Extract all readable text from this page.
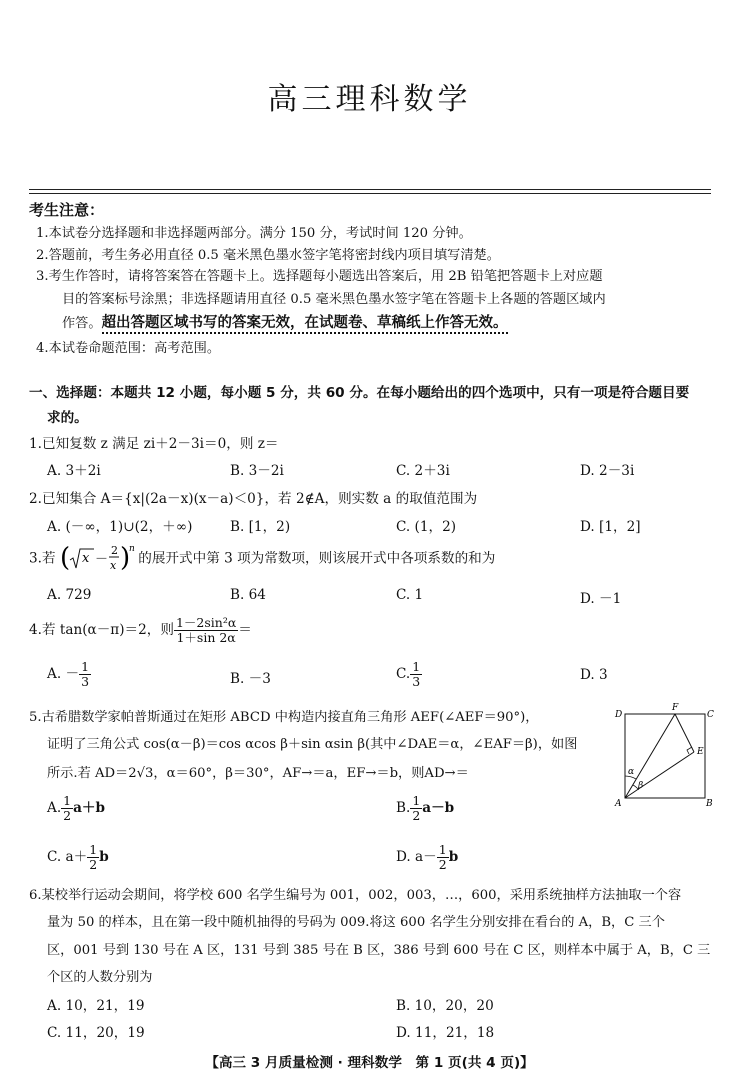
高三理科数学
考生注意：
1.本试卷分选择题和非选择题两部分。满分 150 分，考试时间 120 分钟。
2.答题前，考生务必用直径 0.5 毫米黑色墨水签字笔将密封线内项目填写清楚。
3.考生作答时，请将答案答在答题卡上。选择题每小题选出答案后，用 2B 铅笔把答题卡上对应题
目的答案标号涂黑；非选择题请用直径 0.5 毫米黑色墨水签字笔在答题卡上各题的答题区域内
作答。超出答题区域书写的答案无效，在试题卷、草稿纸上作答无效。
4.本试卷命题范围：高考范围。
一、选择题：本题共 12 小题，每小题 5 分，共 60 分。在每小题给出的四个选项中，只有一项是符合题目要
求的。
1.已知复数 z 满足 zi＋2－3i＝0，则 z＝
A. 3＋2i	B. 3－2i	C. 2＋3i	D. 2－3i
2.已知集合 A＝{x|(2a－x)(x－a)＜0}，若 2∉A，则实数 a 的取值范围为
A. (－∞，1)∪(2，＋∞)	B. [1，2)	C. (1，2)	D. [1，2]
3.若 ( x －
2
x )
n
的展开式中第 3 项为常数项，则该展开式中各项系数的和为
A. 729	B. 64	C. 1	D. －1
4.若 tan(α－π)＝2，则 $\frac{\text{1－2sin²α}}{1+\sin 2\alpha}$ ＝
A. － $\frac{1}{3}$	B. －3	C. $\frac{1}{3}$	D. 3
5.古希腊数学家帕普斯通过在矩形 ABCD 中构造内接直角三角形 AEF(∠AEF＝90°)，
证明了三角公式 cos(α－β)＝cos αcos β＋sin αsin β(其中∠DAE＝α，∠EAF＝β)，如图
所示.若 AD＝2√3，α＝60°，β＝30°，AF→＝a，EF→＝b，则AD→＝
A. $\frac{1}{2} a+b$	B. $\frac{1}{2} a-b$
C. $a+ \frac{1}{2}$ b	D. $a- \frac{1}{2}$ b
D
F
C
E
A	B
α
β
6.某校举行运动会期间，将学校 600 名学生编号为 001，002，003，…，600，采用系统抽样方法抽取一个容
量为 50 的样本，且在第一段中随机抽得的号码为 009.将这 600 名学生分别安排在看台的 A，B，C 三个
区，001 号到 130 号在 A 区，131 号到 385 号在 B 区，386 号到 600 号在 C 区，则样本中属于 A，B，C 三
个区的人数分别为
A. 10，21，19	B. 10，20，20
C. 11，20，19	D. 11，21，18
【高三 3 月质量检测 · 理科数学　第 1 页(共 4 页)】
